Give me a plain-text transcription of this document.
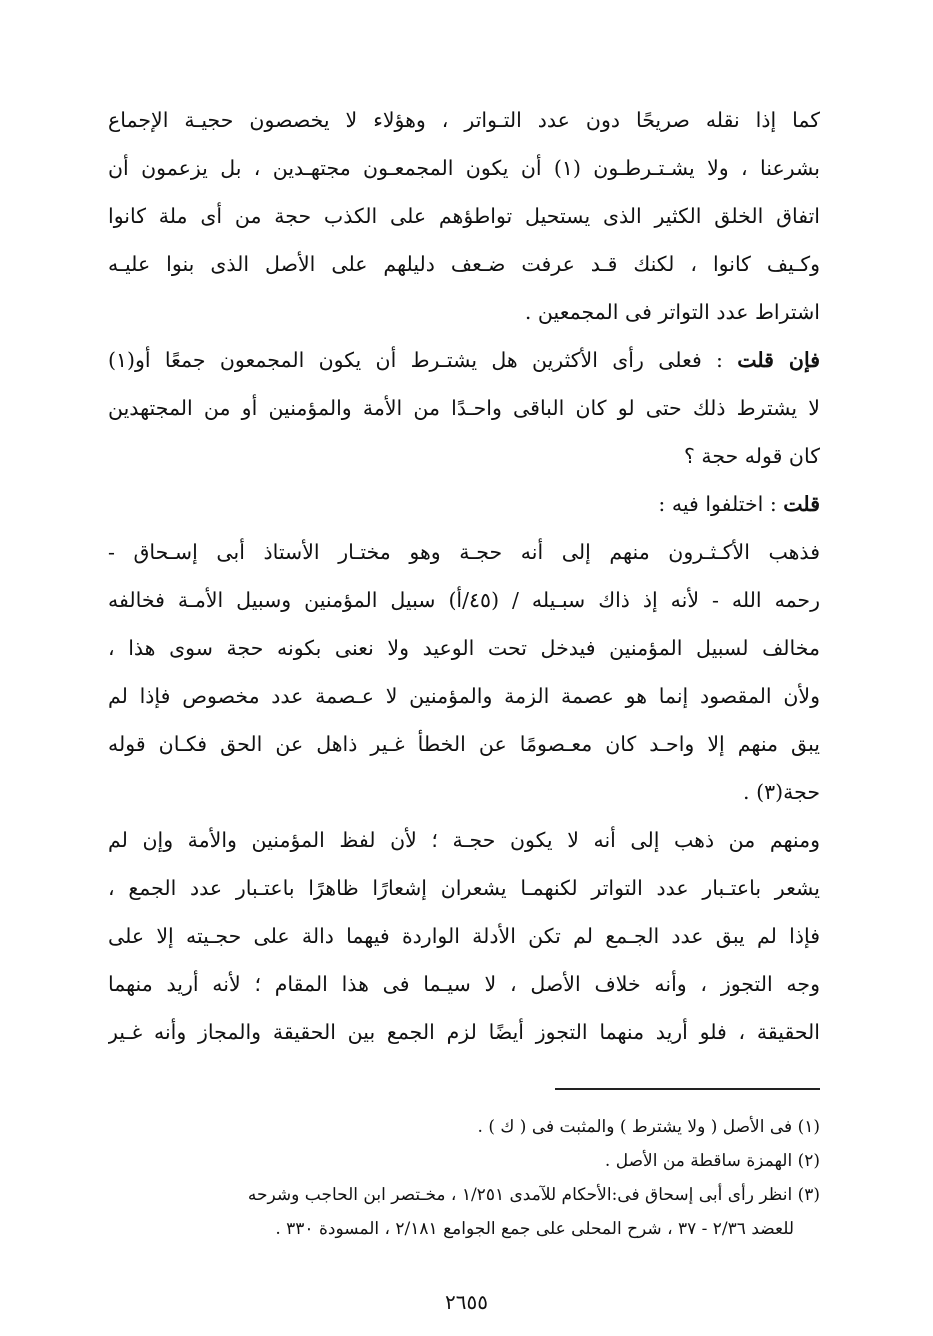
كما إذا نقله صريحًا دون عدد التـواتر ، وهؤلاء لا يخصصون حجيـة الإجماع
بشرعنا ، ولا يشـتـرطـون (١) أن يكون المجمعـون مجتهـدين ، بل يزعمون أن
اتفاق الخلق الكثير الذى يستحيل تواطؤهم على الكذب حجة من أى ملة كانوا
وكـيف كانوا ، لكنك قـد عرفت ضـعف دليلهم على الأصل الذى بنوا عليـه
اشتراط عدد التواتر فى المجمعين .

فإن قلت : فعلى رأى الأكثرين هل يشتـرط أن يكون المجمعون جمعًا أو(١)
لا يشترط ذلك حتى لو كان الباقى واحـدًا من الأمة والمؤمنين أو من المجتهدين
كان قوله حجة ؟

قلت : اختلفوا فيه :

فذهب الأكـثـرون منهم إلى أنه حجـة وهو مختـار الأستاذ أبى إسـحاق -
رحمه الله - لأنه إذ ذاك سبـيله / (٤٥/أ) سبيل المؤمنين وسبيل الأمـة فخالفه
مخالف لسبيل المؤمنين فيدخل تحت الوعيد ولا نعنى بكونه حجة سوى هذا ،
ولأن المقصود إنما هو عصمة الزمة والمؤمنين لا عـصمة عدد مخصوص فإذا لم
يبق منهم إلا واحـد كان معـصومًا عن الخطأ غـير ذاهل عن الحق فكـان قوله
حجة(٣) .

ومنهم من ذهب إلى أنه لا يكون حجـة ؛ لأن لفظ المؤمنين والأمة وإن لم
يشعر باعتـبار عدد التواتر لكنهمـا يشعران إشعارًا ظاهرًا باعتـبار عدد الجمع ،
فإذا لم يبق عدد الجـمع لم تكن الأدلة الواردة فيهما دالة على حجـيته إلا على
وجه التجوز ، وأنه خلاف الأصل ، لا سيـما فى هذا المقام ؛ لأنه أريد منهما
الحقيقة ، فلو أريد منهما التجوز أيضًا لزم الجمع بين الحقيقة والمجاز وأنه غـير

(١) فى الأصل ( ولا يشترط ) والمثبت فى ( ك ) .

(٢) الهمزة ساقطة من الأصل .

(٣) انظر رأى أبى إسحاق فى:الأحكام للآمدى ١/٢٥١ ، مخـتصر ابن الحاجب وشرحه

للعضد ٢/٣٦ - ٣٧ ، شرح المحلى على جمع الجوامع ٢/١٨١ ، المسودة ٣٣٠ .

٢٦٥٥
